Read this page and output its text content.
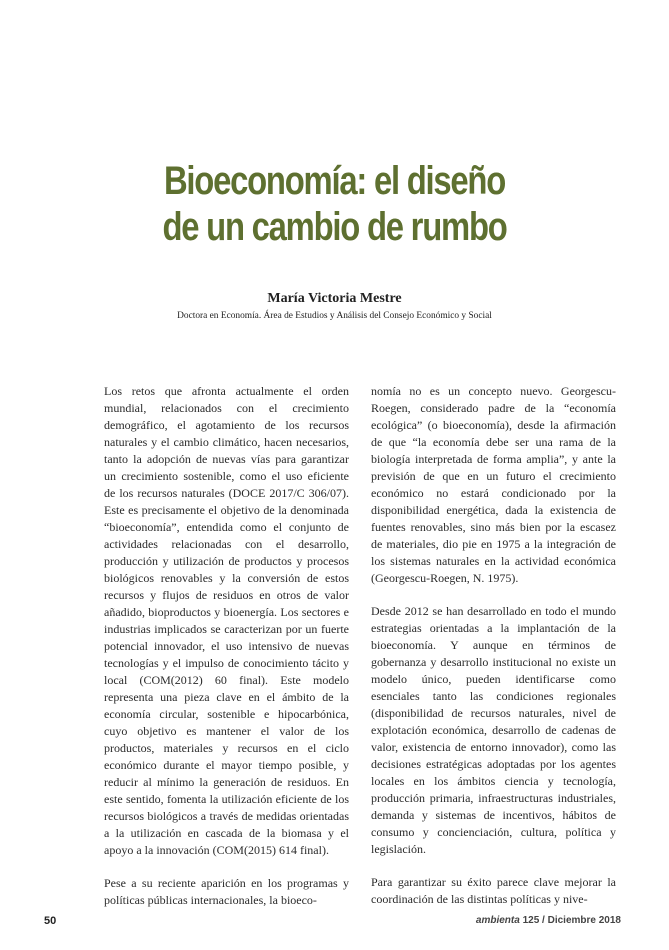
Bioeconomía: el diseño
de un cambio de rumbo
María Victoria Mestre
Doctora en Economía. Área de Estudios y Análisis del Consejo Económico y Social

Los retos que afronta actualmente el orden mundial, relacionados con el crecimiento demográfico, el agotamiento de los recursos naturales y el cambio climático, hacen necesarios, tanto la adopción de nuevas vías para garantizar un crecimiento sostenible, como el uso eficiente de los recursos naturales (DOCE 2017/C 306/07). Este es precisamente el objetivo de la denominada “bioeconomía”, entendida como el conjunto de actividades relacionadas con el desarrollo, producción y utilización de productos y procesos biológicos renovables y la conversión de estos recursos y flujos de residuos en otros de valor añadido, bioproductos y bioenergía. Los sectores e industrias implicados se caracterizan por un fuerte potencial innovador, el uso intensivo de nuevas tecnologías y el impulso de conocimiento tácito y local (COM(2012) 60 final). Este modelo representa una pieza clave en el ámbito de la economía circular, sostenible e hipocarbónica, cuyo objetivo es mantener el valor de los productos, materiales y recursos en el ciclo económico durante el mayor tiempo posible, y reducir al mínimo la generación de residuos. En este sentido, fomenta la utilización eficiente de los recursos biológicos a través de medidas orientadas a la utilización en cascada de la biomasa y el apoyo a la innovación (COM(2015) 614 final).

Pese a su reciente aparición en los programas y políticas públicas internacionales, la bioeco-

nomía no es un concepto nuevo. Georgescu-Roegen, considerado padre de la “economía ecológica” (o bioeconomía), desde la afirmación de que “la economía debe ser una rama de la biología interpretada de forma amplia”, y ante la previsión de que en un futuro el crecimiento económico no estará condicionado por la disponibilidad energética, dada la existencia de fuentes renovables, sino más bien por la escasez de materiales, dio pie en 1975 a la integración de los sistemas naturales en la actividad económica (Georgescu-Roegen, N. 1975).

Desde 2012 se han desarrollado en todo el mundo estrategias orientadas a la implantación de la bioeconomía. Y aunque en términos de gobernanza y desarrollo institucional no existe un modelo único, pueden identificarse como esenciales tanto las condiciones regionales (disponibilidad de recursos naturales, nivel de explotación económica, desarrollo de cadenas de valor, existencia de entorno innovador), como las decisiones estratégicas adoptadas por los agentes locales en los ámbitos ciencia y tecnología, producción primaria, infraestructuras industriales, demanda y sistemas de incentivos, hábitos de consumo y concienciación, cultura, política y legislación.

Para garantizar su éxito parece clave mejorar la coordinación de las distintas políticas y nive-

50	ambienta 125 / Diciembre 2018
